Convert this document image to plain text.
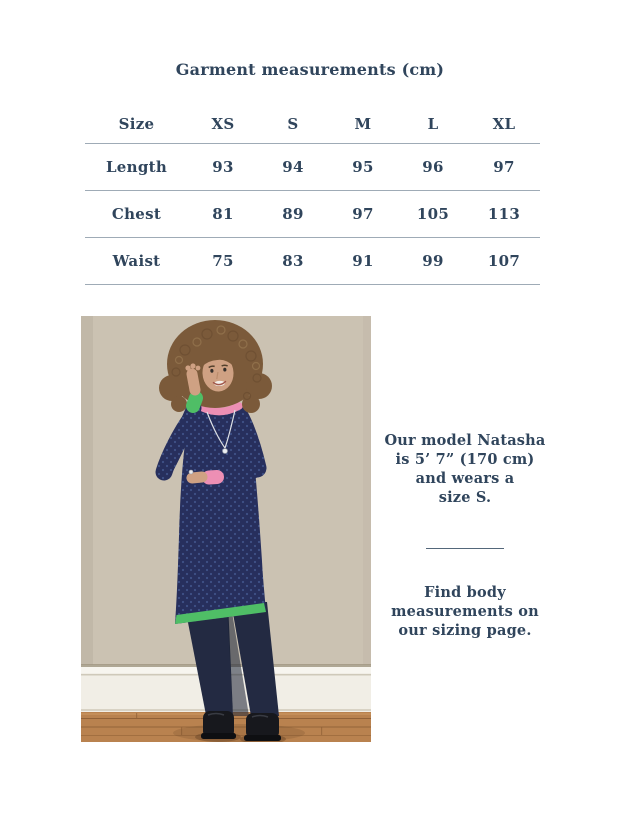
Garment measurements (cm)
Size	XS	S	M	L	XL
Length	93	94	95	96	97
Chest	81	89	97	105	113
Waist	75	83	91	99	107

Our model Natasha
is 5’ 7” (170 cm)
and wears a
size S.

Find body
measurements on
our sizing page.
